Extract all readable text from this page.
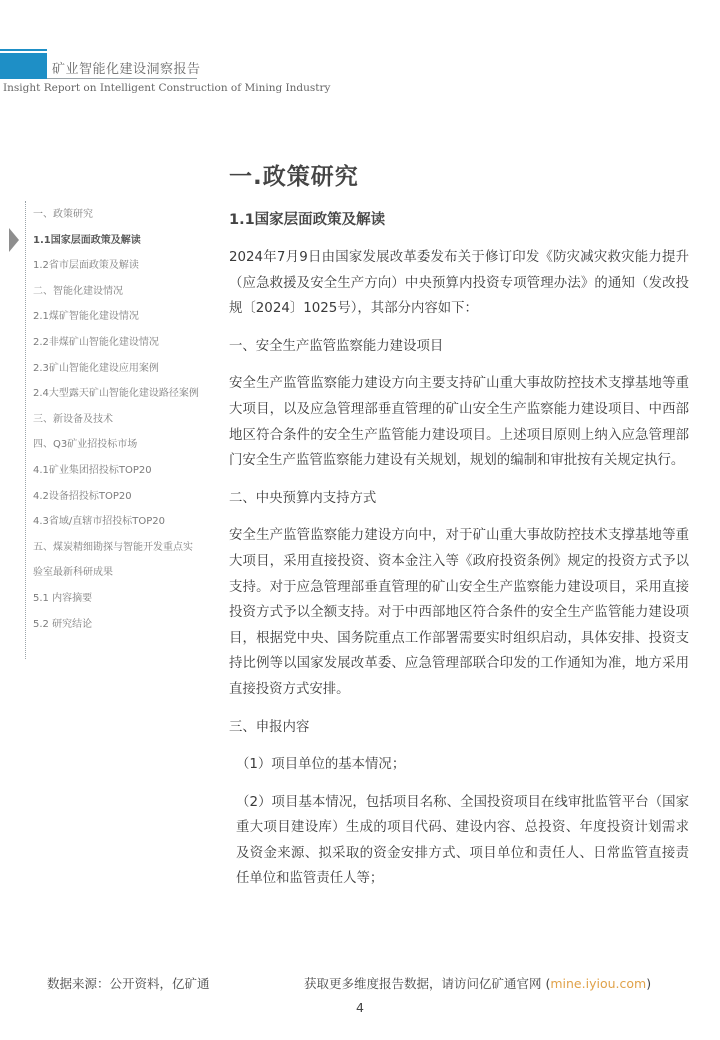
矿业智能化建设洞察报告
Insight Report on Intelligent Construction of Mining Industry
一、政策研究
1.1国家层面政策及解读
1.2省市层面政策及解读
二、智能化建设情况
2.1煤矿智能化建设情况
2.2非煤矿山智能化建设情况
2.3矿山智能化建设应用案例
2.4大型露天矿山智能化建设路径案例
三、新设备及技术
四、Q3矿业招投标市场
4.1矿业集团招投标TOP20
4.2设备招投标TOP20
4.3省域/直辖市招投标TOP20
五、煤炭精细勘探与智能开发重点实
验室最新科研成果
5.1 内容摘要
5.2 研究结论
一.政策研究
1.1国家层面政策及解读

2024年7月9日由国家发展改革委发布关于修订印发《防灾减灾救灾能力提升（应急救援及安全生产方向）中央预算内投资专项管理办法》的通知（发改投规〔2024〕1025号），其部分内容如下：

一、安全生产监管监察能力建设项目

安全生产监管监察能力建设方向主要支持矿山重大事故防控技术支撑基地等重大项目，以及应急管理部垂直管理的矿山安全生产监察能力建设项目、中西部地区符合条件的安全生产监管能力建设项目。上述项目原则上纳入应急管理部门安全生产监管监察能力建设有关规划，规划的编制和审批按有关规定执行。

二、中央预算内支持方式

安全生产监管监察能力建设方向中，对于矿山重大事故防控技术支撑基地等重大项目，采用直接投资、资本金注入等《政府投资条例》规定的投资方式予以支持。对于应急管理部垂直管理的矿山安全生产监察能力建设项目，采用直接投资方式予以全额支持。对于中西部地区符合条件的安全生产监管能力建设项目，根据党中央、国务院重点工作部署需要实时组织启动，具体安排、投资支持比例等以国家发展改革委、应急管理部联合印发的工作通知为准，地方采用直接投资方式安排。

三、申报内容

（1）项目单位的基本情况；

（2）项目基本情况，包括项目名称、全国投资项目在线审批监管平台（国家重大项目建设库）生成的项目代码、建设内容、总投资、年度投资计划需求及资金来源、拟采取的资金安排方式、项目单位和责任人、日常监管直接责任单位和监管责任人等；

数据来源：公开资料，亿矿通	获取更多维度报告数据，请访问亿矿通官网 (mine.iyiou.com)
4
